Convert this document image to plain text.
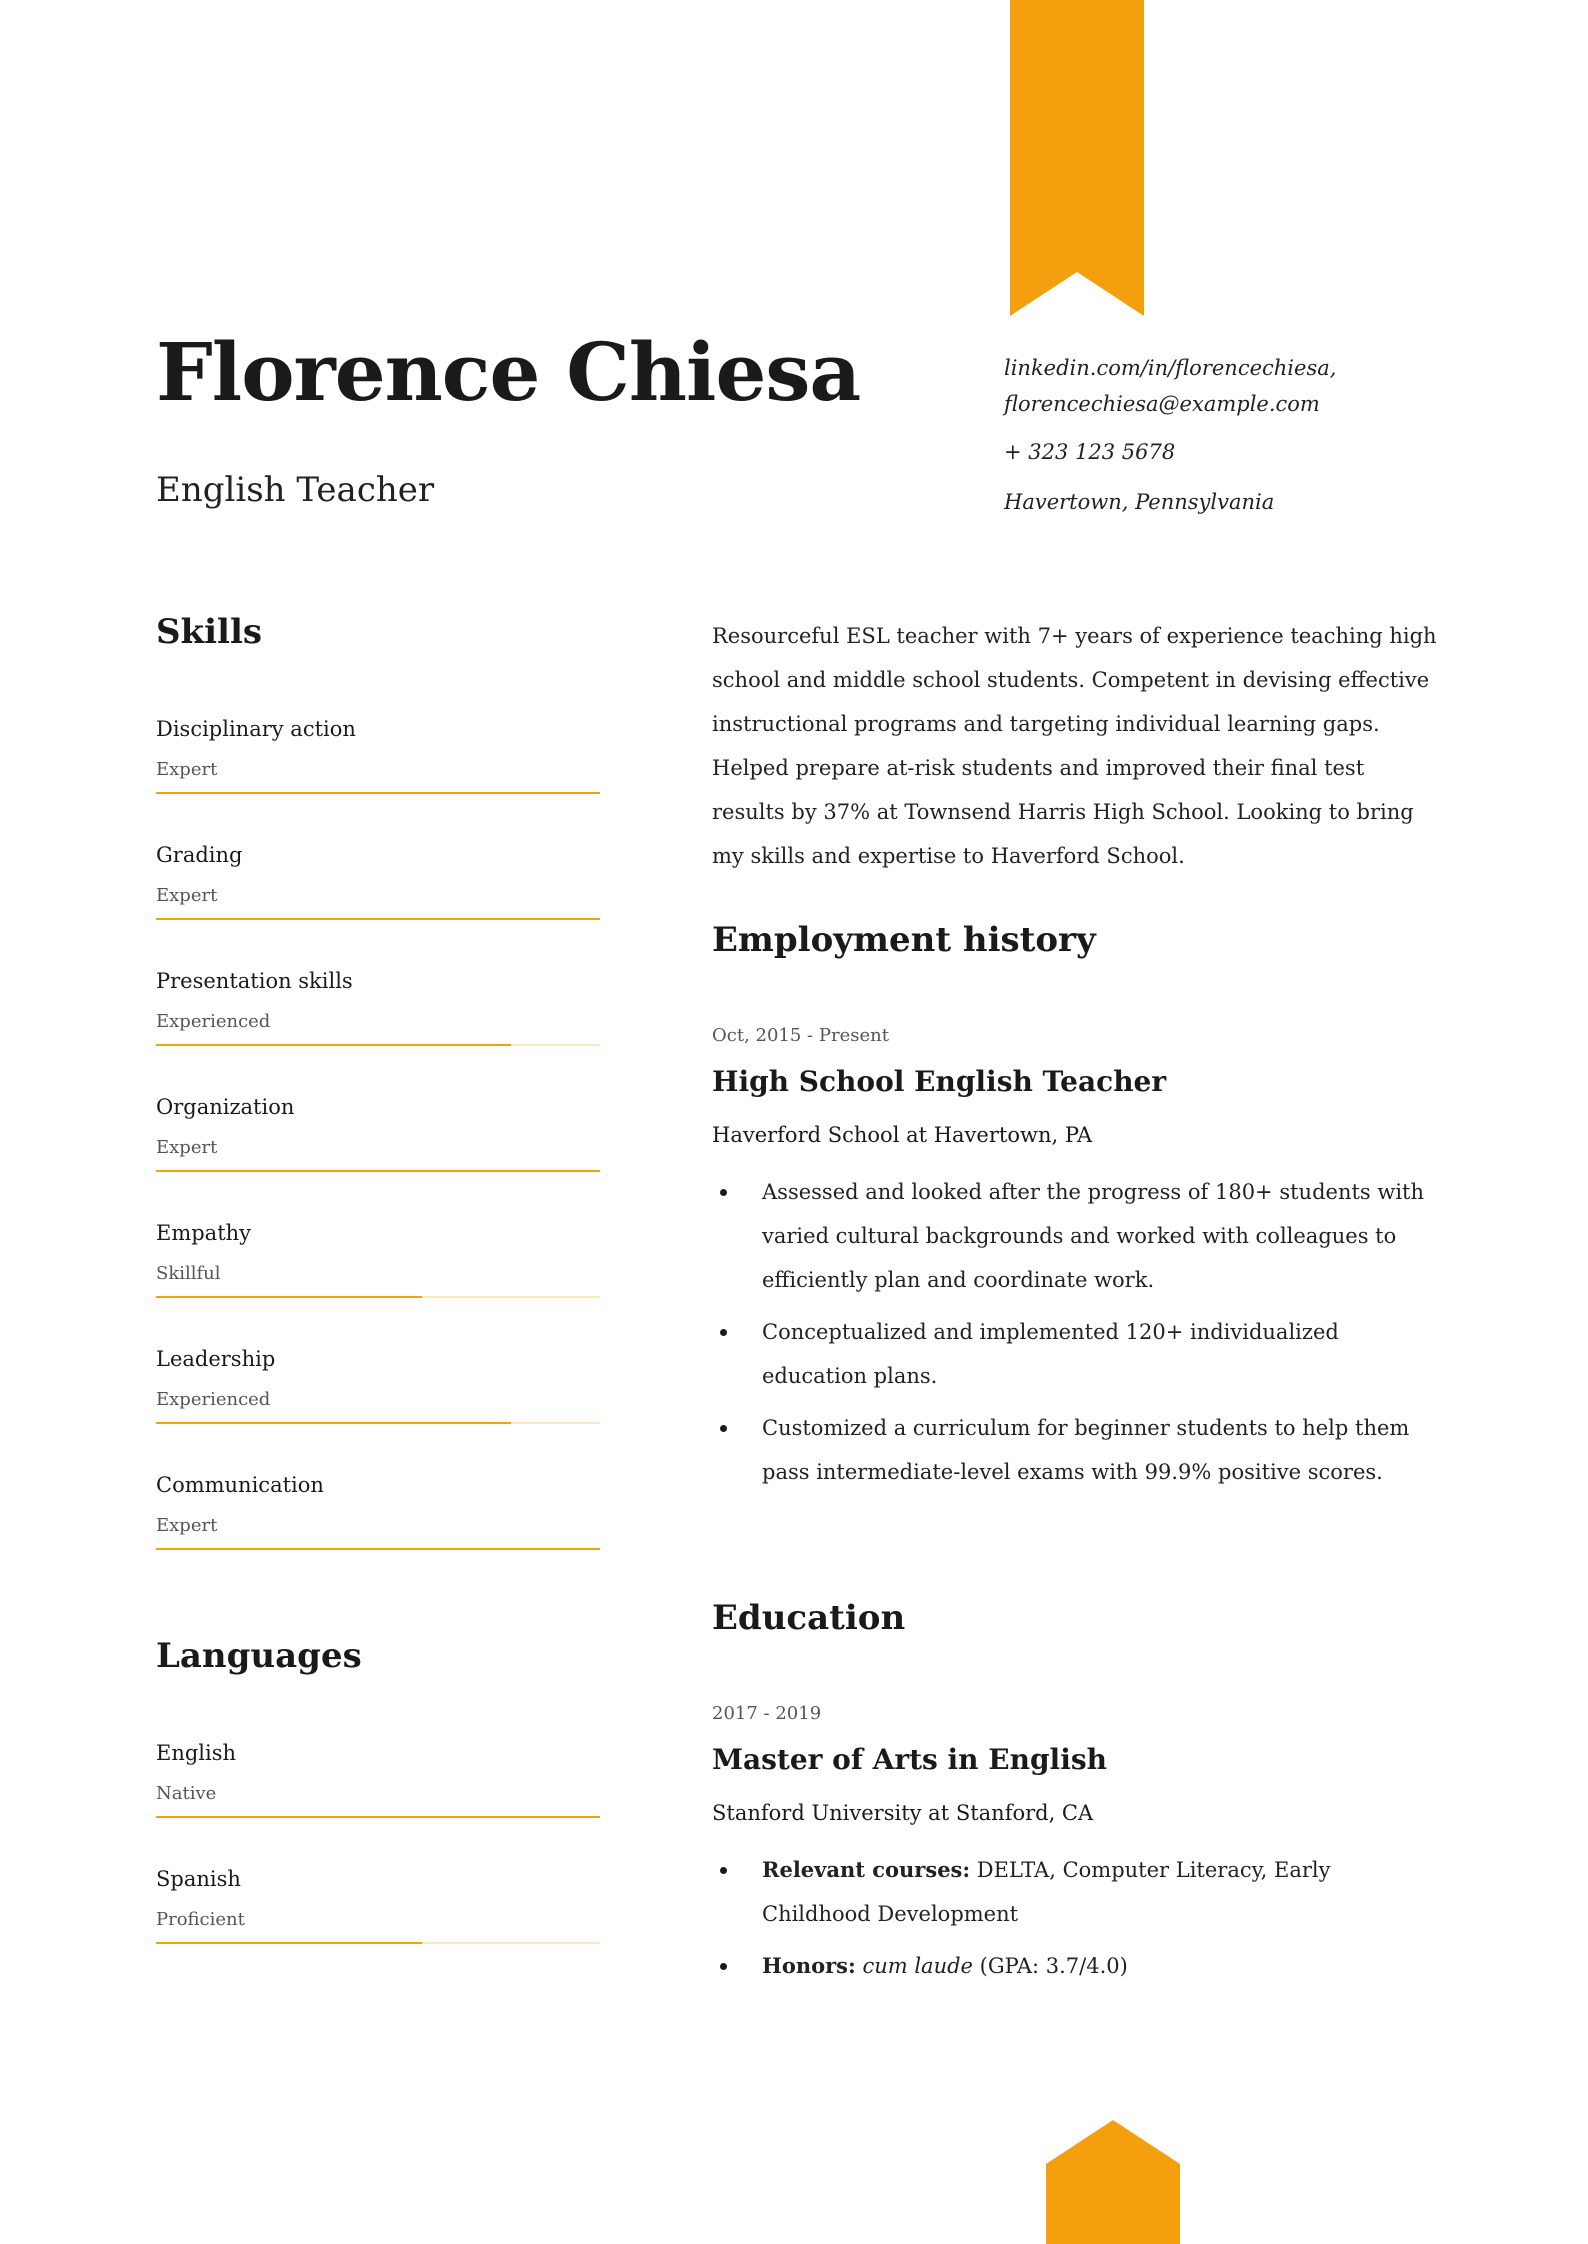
Florence Chiesa
English Teacher
linkedin.com/in/florencechiesa,
florencechiesa@example.com
+ 323 123 5678
Havertown, Pennsylvania
Skills
Disciplinary action
Expert
Grading
Expert
Presentation skills
Experienced
Organization
Expert
Empathy
Skillful
Leadership
Experienced
Communication
Expert
Languages
English
Native
Spanish
Proficient
Resourceful ESL teacher with 7+ years of experience teaching high school and middle school students. Competent in devising effective instructional programs and targeting individual learning gaps. Helped prepare at-risk students and improved their final test results by 37% at Townsend Harris High School. Looking to bring my skills and expertise to Haverford School.
Employment history
Oct, 2015 - Present
High School English Teacher
Haverford School at Havertown, PA
Assessed and looked after the progress of 180+ students with varied cultural backgrounds and worked with colleagues to efficiently plan and coordinate work.
Conceptualized and implemented 120+ individualized education plans.
Customized a curriculum for beginner students to help them pass intermediate-level exams with 99.9% positive scores.
Education
2017 - 2019
Master of Arts in English
Stanford University at Stanford, CA
Relevant courses: DELTA, Computer Literacy, Early Childhood Development
Honors: cum laude (GPA: 3.7/4.0)
